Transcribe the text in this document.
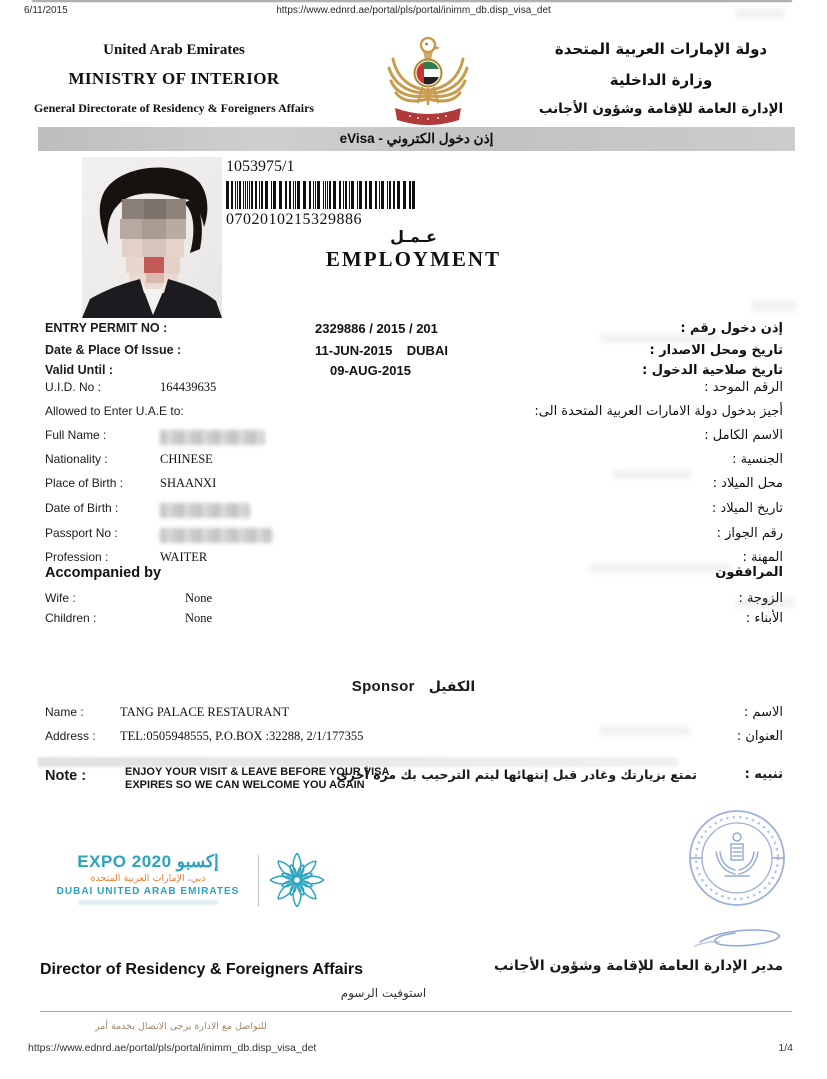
6/11/2015	https://www.ednrd.ae/portal/pls/portal/inimm_db.disp_visa_det
United Arab Emirates
MINISTRY OF INTERIOR
General Directorate of Residency & Foreigners Affairs
دولة الإمارات العربية المتحدة
وزارة الداخلية
الإدارة العامة للإقامة وشؤون الأجانب
eVisa - إذن دخول الكتروني
1053975/1
0702010215329886
عـمـل
EMPLOYMENT
ENTRY PERMIT NO :	2329886 / 2015 / 201	إذن دخول رقم :
Date & Place Of Issue :	11-JUN-2015    DUBAI	تاريخ ومحل الاصدار :
Valid Until :	09-AUG-2015	تاريخ صلاحية الدخول :
U.I.D. No :	164439635	الرقم الموحد :
Allowed to Enter U.A.E to:	أجيز بدخول دولة الامارات العربية المتحدة الى:
Full Name :	الاسم الكامل :
Nationality :	CHINESE	الجنسية :
Place of Birth :	SHAANXI	محل الميلاد :
Date of Birth :	تاريخ الميلاد :
Passport No :	رقم الجواز :
Profession :	WAITER	المهنة :
Accompanied by	المرافقون
Wife :	None	الزوجة :
Children :	None	الأبناء :
Sponsor الكفيل
Name :	TANG PALACE RESTAURANT	الاسم :
Address : TEL:0505948555, P.O.BOX :32288, 2/1/177355	العنوان :
Note :	ENJOY YOUR VISIT & LEAVE BEFORE YOUR VISA
EXPIRES SO WE CAN WELCOME YOU AGAIN
تمتع بزيارتك وغادر قبل إنتهائها ليتم الترحيب بك مرة أخرى	تنبيه :
EXPO 2020 إكسبو
دبي، الإمارات العربية المتحدة
DUBAI UNITED ARAB EMIRATES
Director of Residency & Foreigners Affairs	مدير الإدارة العامة للإقامة وشؤون الأجانب
استوفيت الرسوم
للتواصل مع الادارة يرجى الاتصال بخدمة أمر
https://www.ednrd.ae/portal/pls/portal/inimm_db.disp_visa_det	1/4
